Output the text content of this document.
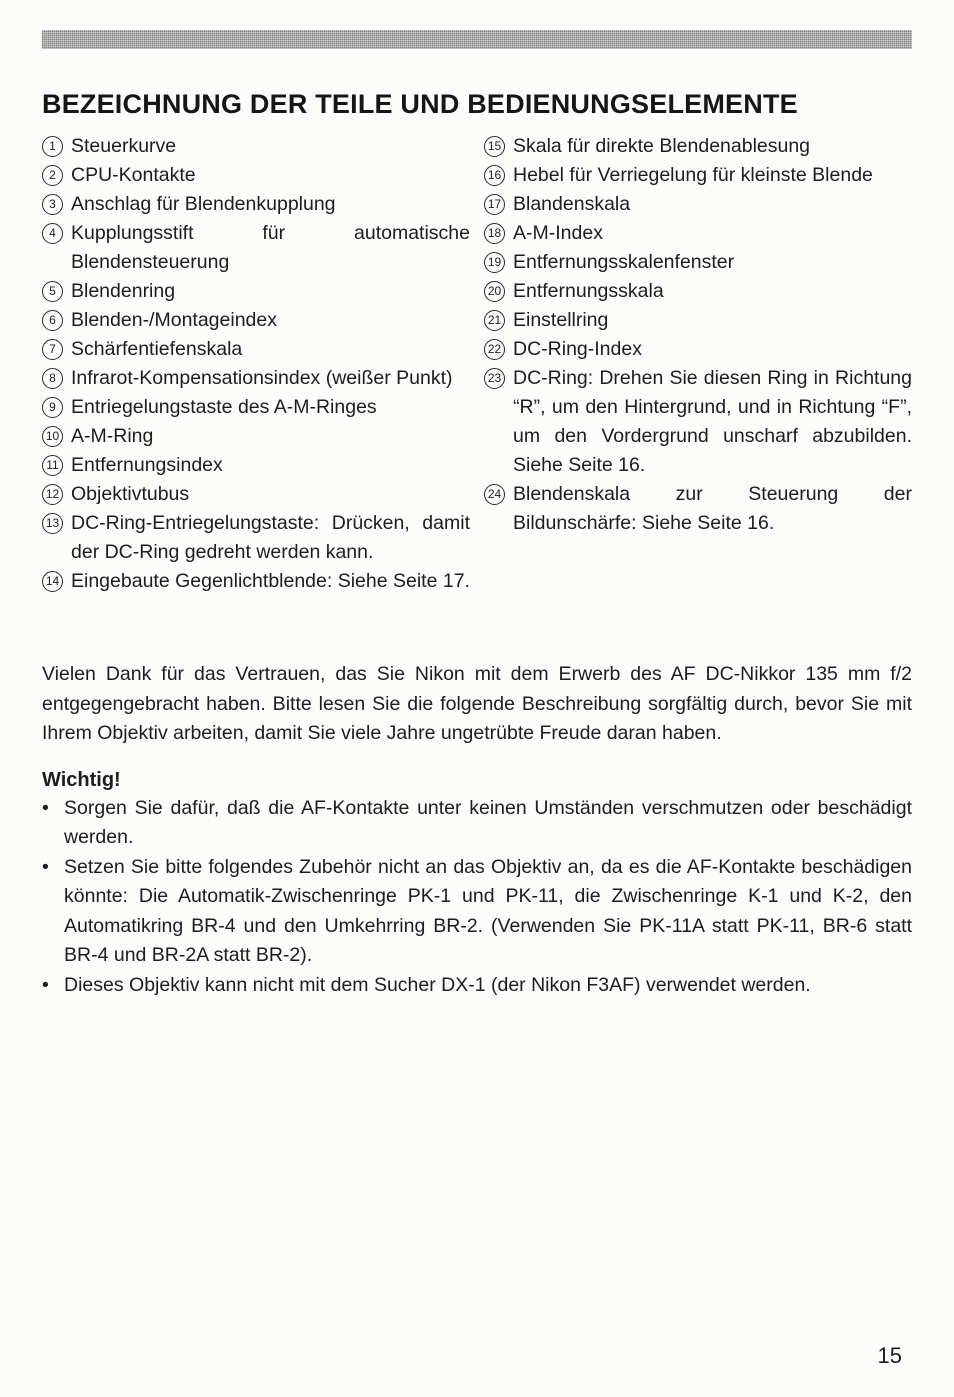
BEZEICHNUNG DER TEILE UND BEDIENUNGSELEMENTE
1 Steuerkurve
2 CPU-Kontakte
3 Anschlag für Blendenkupplung
4 Kupplungsstift für automatische Blendensteuerung
5 Blendenring
6 Blenden-/Montageindex
7 Schärfentiefenskala
8 Infrarot-Kompensationsindex (weißer Punkt)
9 Entriegelungstaste des A-M-Ringes
10 A-M-Ring
11 Entfernungsindex
12 Objektivtubus
13 DC-Ring-Entriegelungstaste: Drücken, damit der DC-Ring gedreht werden kann.
14 Eingebaute Gegenlichtblende: Siehe Seite 17.
15 Skala für direkte Blendenablesung
16 Hebel für Verriegelung für kleinste Blende
17 Blandenskala
18 A-M-Index
19 Entfernungsskalenfenster
20 Entfernungsskala
21 Einstellring
22 DC-Ring-Index
23 DC-Ring: Drehen Sie diesen Ring in Richtung “R”, um den Hintergrund, und in Richtung “F”, um den Vordergrund unscharf abzubilden. Siehe Seite 16.
24 Blendenskala zur Steuerung der Bildunschärfe: Siehe Seite 16.

Vielen Dank für das Vertrauen, das Sie Nikon mit dem Erwerb des AF DC-Nikkor 135 mm f/2 entgegengebracht haben. Bitte lesen Sie die folgende Beschreibung sorgfältig durch, bevor Sie mit Ihrem Objektiv arbeiten, damit Sie viele Jahre ungetrübte Freude daran haben.

Wichtig!
• Sorgen Sie dafür, daß die AF-Kontakte unter keinen Umständen verschmutzen oder beschädigt werden.
• Setzen Sie bitte folgendes Zubehör nicht an das Objektiv an, da es die AF-Kontakte beschädigen könnte: Die Automatik-Zwischenringe PK-1 und PK-11, die Zwischenringe K-1 und K-2, den Automatikring BR-4 und den Umkehrring BR-2. (Verwenden Sie PK-11A statt PK-11, BR-6 statt BR-4 und BR-2A statt BR-2).
• Dieses Objektiv kann nicht mit dem Sucher DX-1 (der Nikon F3AF) verwendet werden.
15
